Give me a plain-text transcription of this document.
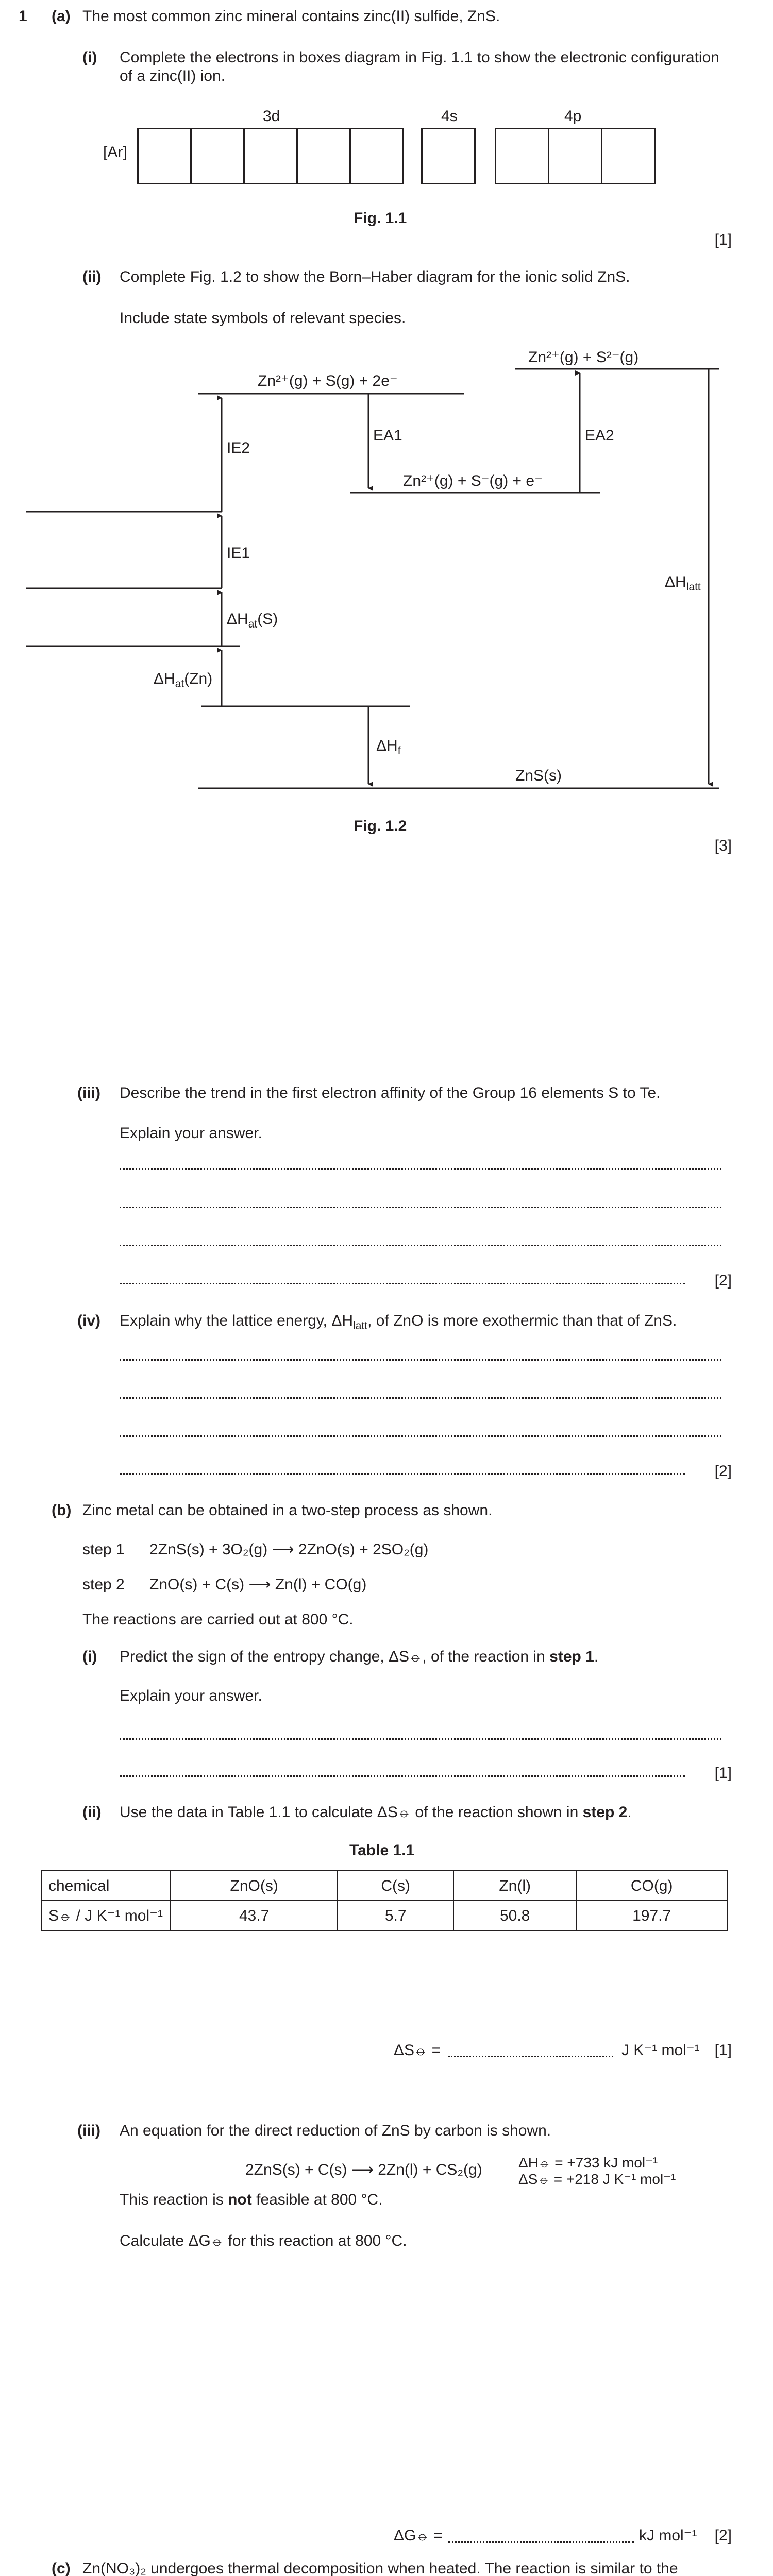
1 (a) The most common zinc mineral contains zinc(II) sulfide, ZnS.
(i) Complete the electrons in boxes diagram in Fig. 1.1 to show the electronic configuration
of a zinc(II) ion.
3d	4s	4p
[Ar]
Fig. 1.1
[1]
(ii) Complete Fig. 1.2 to show the Born–Haber diagram for the ionic solid ZnS.
Include state symbols of relevant species.
Zn²⁺(g) + S²⁻(g)
Zn²⁺(g) + S(g) + 2e⁻
Zn²⁺(g) + S⁻(g) + e⁻
IE2
IE1
EA1	EA2
$\Delta H_{at}(S)$
$\Delta H_{at}(Zn)$
$\Delta H_f$
$\Delta H_{latt}$
ZnS(s)
Fig. 1.2
[3]
(iii) Describe the trend in the first electron affinity of the Group 16 elements S to Te.
Explain your answer.
[2]
(iv) Explain why the lattice energy, $\Delta H_{latt}$, of ZnO is more exothermic than that of ZnS.
[2]
(b) Zinc metal can be obtained in a two-step process as shown.
step 1 2ZnS(s) + 3O₂(g) ⟶ 2ZnO(s) + 2SO₂(g)
step 2 ZnO(s) + C(s) ⟶ Zn(l) + CO(g)
The reactions are carried out at 800 °C.
(i) Predict the sign of the entropy change, ΔS⦵, of the reaction in step 1.
Explain your answer.
[1]
(ii) Use the data in Table 1.1 to calculate ΔS⦵ of the reaction shown in step 2.
Table 1.1
chemical	ZnO(s)	C(s)	Zn(l)	CO(g)
S⦵ / J K⁻¹ mol⁻¹	43.7	5.7	50.8	197.7
ΔS⦵ =	J K⁻¹ mol⁻¹ [1]
(iii) An equation for the direct reduction of ZnS by carbon is shown.
2ZnS(s) + C(s) ⟶ 2Zn(l) + CS₂(g)	ΔH⦵ = +733 kJ mol⁻¹
ΔS⦵ = +218 J K⁻¹ mol⁻¹
This reaction is not feasible at 800 °C.
Calculate ΔG⦵ for this reaction at 800 °C.
ΔG⦵ =	kJ mol⁻¹ [2]
(c) Zn(NO₃)₂ undergoes thermal decomposition when heated. The reaction is similar to the
